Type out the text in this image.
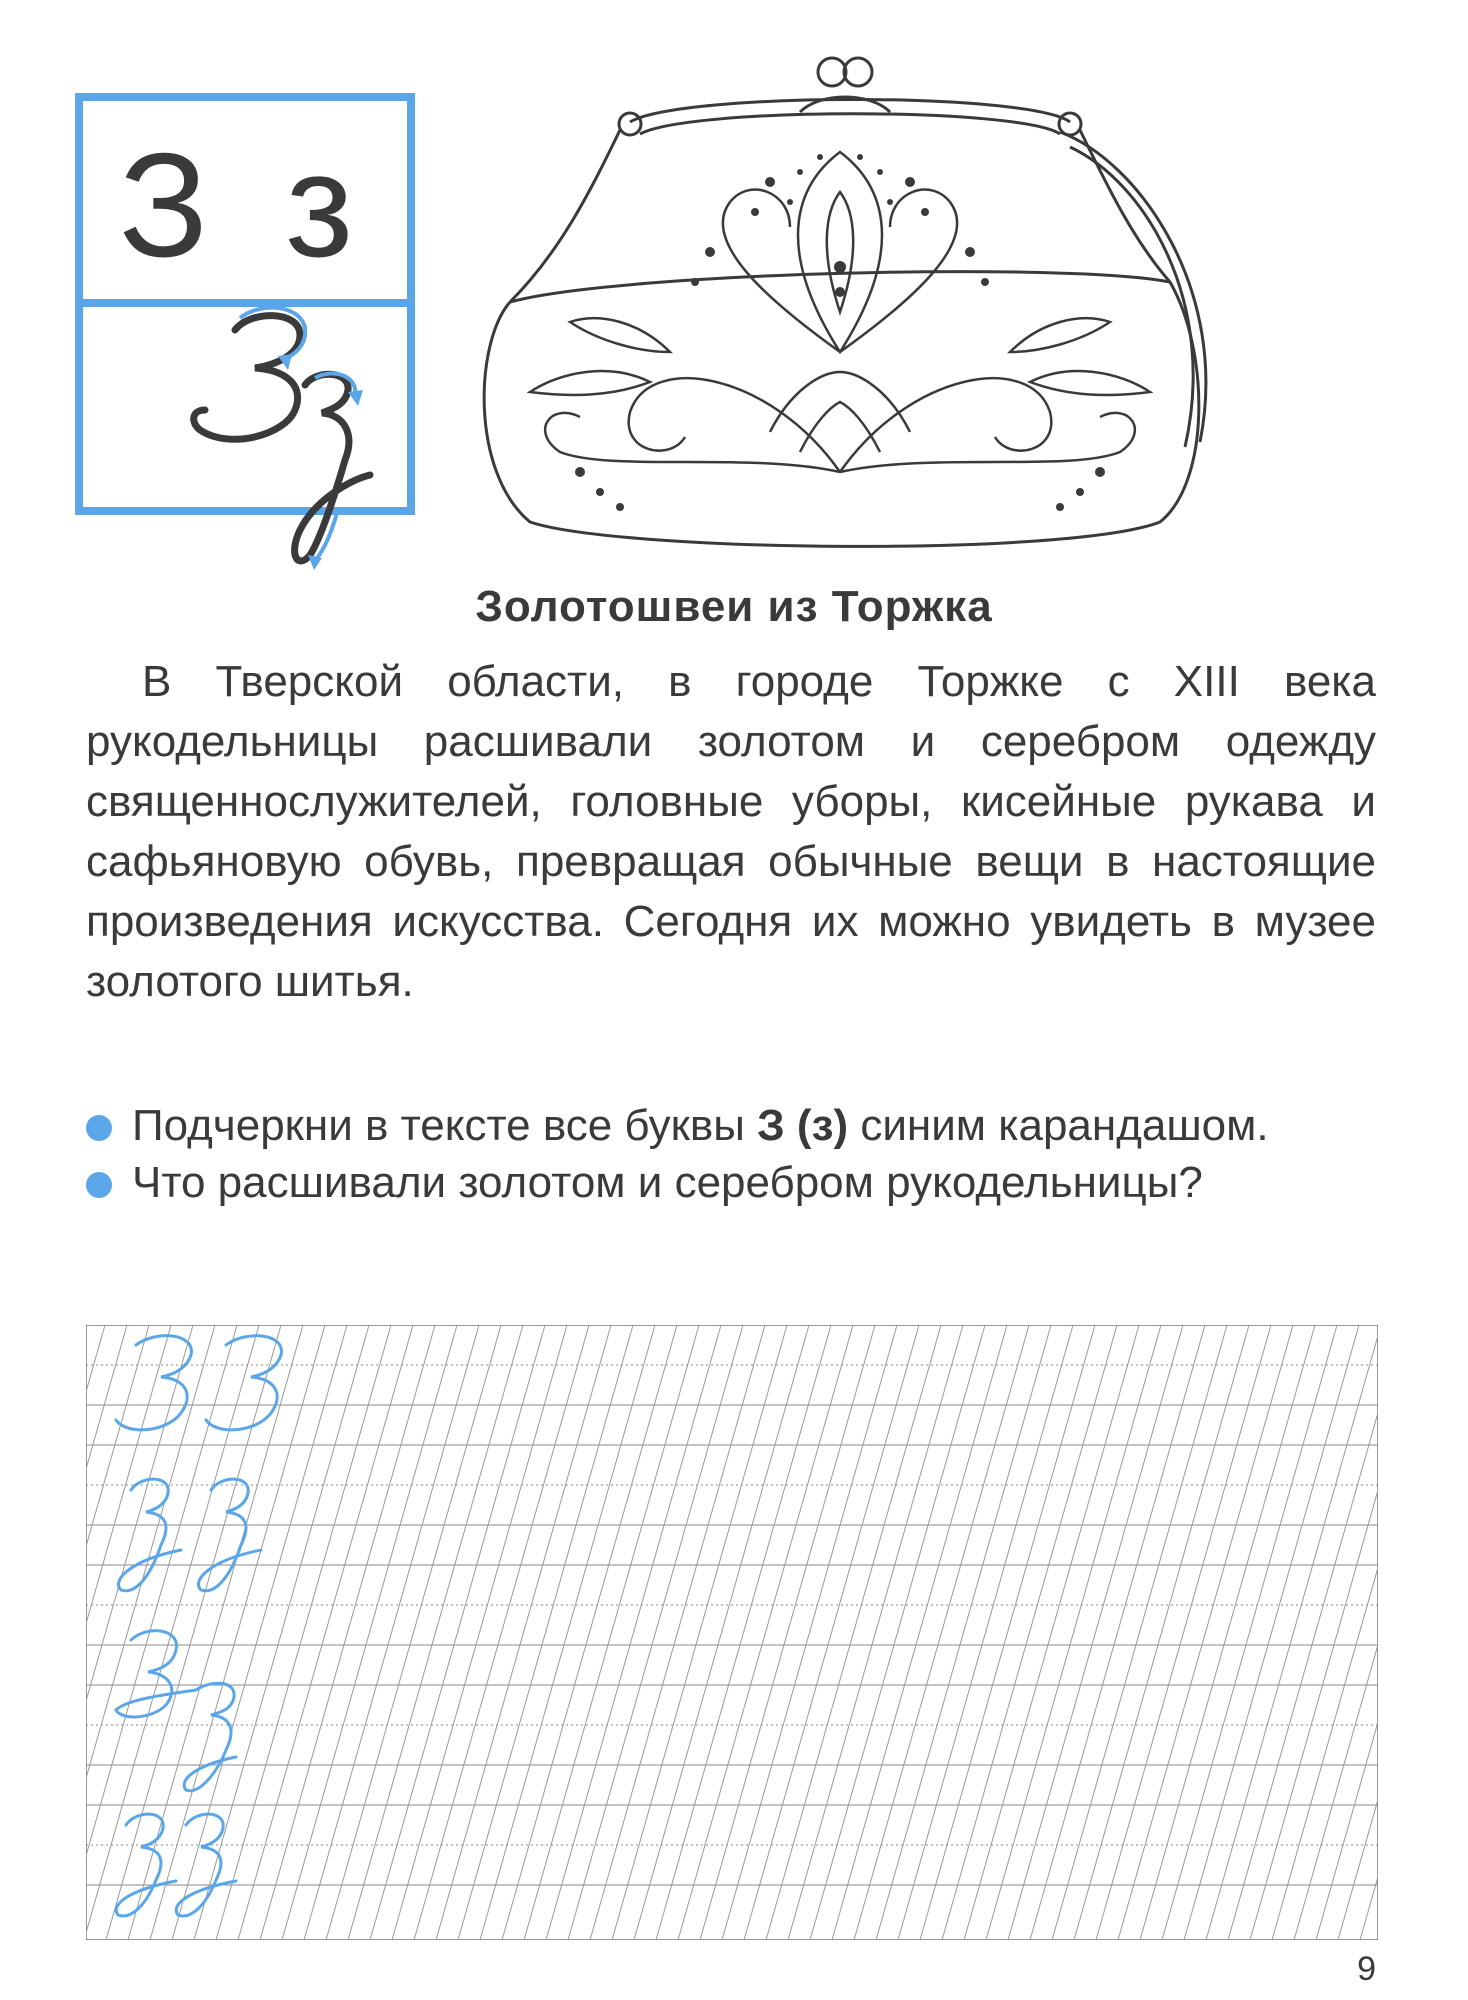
З з
Золотошвеи из Торжка

В Тверской области, в городе Торжке с XIII века рукодельницы расшивали золотом и серебром одежду священнослужителей, головные уборы, кисейные рукава и сафьяновую обувь, превращая обычные вещи в настоящие произведения искусства. Сегодня их можно увидеть в музее золотого шитья.

Подчеркни в тексте все буквы З (з) синим карандашом.
Что расшивали золотом и серебром рукодельницы?
9
